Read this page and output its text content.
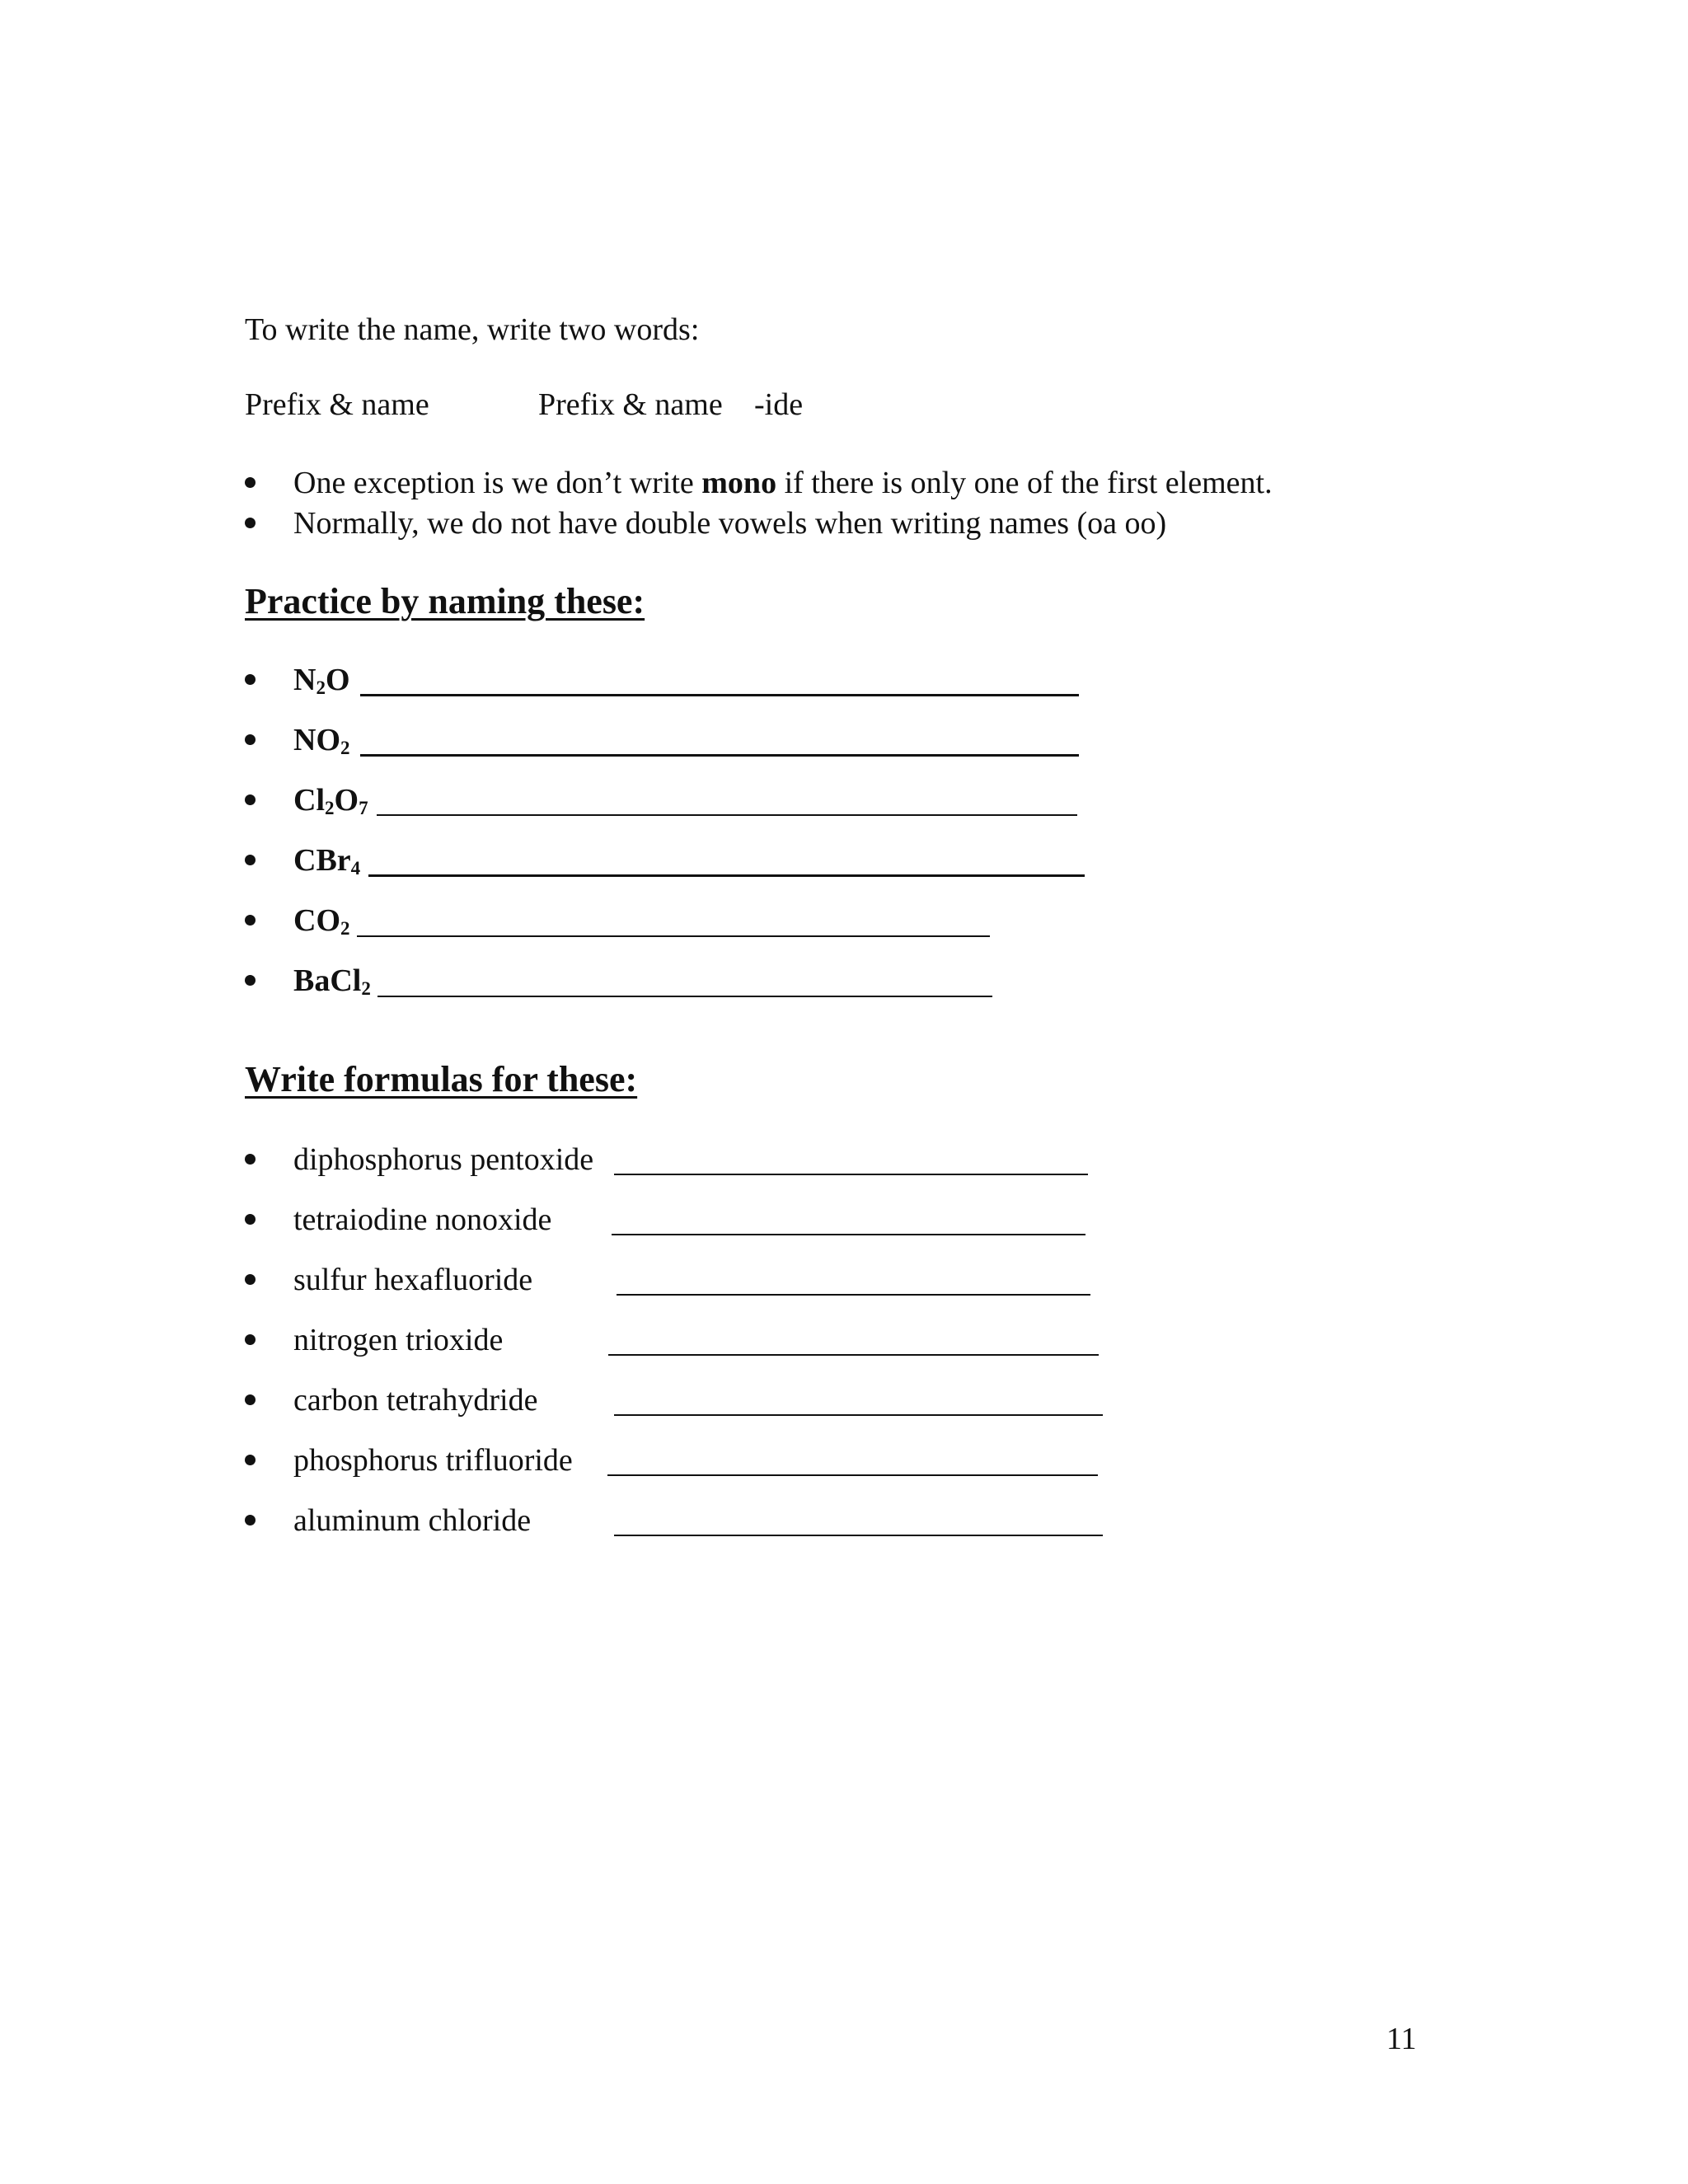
To write the name, write two words:
Prefix & name	Prefix & name -ide
One exception is we don’t write mono if there is only one of the first element.
Normally, we do not have double vowels when writing names (oa oo)
Practice by naming these:
$N_2O$
$NO_2$
$Cl_2O_7$
CBr$_4$
$CO_2$
BaCl$_2$
Write formulas for these:
diphosphorus pentoxide
tetraiodine nonoxide
sulfur hexafluoride
nitrogen trioxide
carbon tetrahydride
phosphorus trifluoride
aluminum chloride
11
